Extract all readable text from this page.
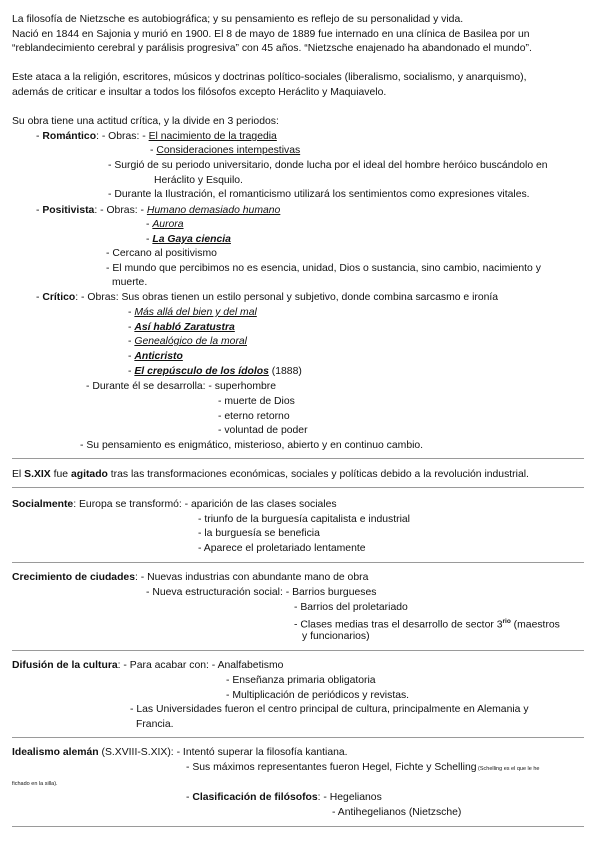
La filosofía de Nietzsche es autobiográfica; y su pensamiento es reflejo de su personalidad y vida.
Nació en 1844 en Sajonia y murió en 1900. El 8 de mayo de 1889 fue internado en una clínica de Basilea por un
“reblandecimiento cerebral y parálisis progresiva” con 45 años. “Nietzsche enajenado ha abandonado el mundo”.
Este ataca a la religión, escritores, músicos y doctrinas político-sociales (liberalismo, socialismo, y anarquismo),
además de criticar e insultar a todos los filósofos excepto Heráclito y Maquiavelo.
Su obra tiene una actitud crítica, y la divide en 3 periodos:
- Romántico: - Obras: - El nacimiento de la tragedia
- Consideraciones intempestivas
- Surgió de su periodo universitario, donde lucha por el ideal del hombre heróico buscándolo en
Heráclito y Esquilo.
- Durante la Ilustración, el romanticismo utilizará los sentimientos como expresiones vitales.
- Positivista: - Obras: - Humano demasiado humano
- Aurora
- La Gaya ciencia
- Cercano al positivismo
- El mundo que percibimos no es esencia, unidad, Dios o sustancia, sino cambio, nacimiento y
muerte.
- Crítico: - Obras: Sus obras tienen un estilo personal y subjetivo, donde combina sarcasmo e ironía
- Más allá del bien y del mal
- Así habló Zaratustra
- Genealógico de la moral
- Anticristo
- El crepúsculo de los ídolos (1888)
- Durante él se desarrolla: - superhombre
- muerte de Dios
- eterno retorno
- voluntad de poder
- Su pensamiento es enigmático, misterioso, abierto y en continuo cambio.
El S.XIX fue agitado tras las transformaciones económicas, sociales y políticas debido a la revolución industrial.
Socialmente: Europa se transformó: - aparición de las clases sociales
- triunfo de la burguesía capitalista e industrial
- la burguesía se beneficia
- Aparece el proletariado lentamente
Crecimiento de ciudades: - Nuevas industrias con abundante mano de obra
- Nueva estructuración social: - Barrios burgueses
- Barrios del proletariado
- Clases medias tras el desarrollo de sector $3^{rio}$ (maestros
y funcionarios)
Difusión de la cultura: - Para acabar con: - Analfabetismo
- Enseñanza primaria obligatoria
- Multiplicación de periódicos y revistas.
- Las Universidades fueron el centro principal de cultura, principalmente en Alemania y
Francia.
Idealismo alemán (S.XVIII-S.XIX): - Intentó superar la filosofía kantiana.
- Sus máximos representantes fueron Hegel, Fichte y Schelling (Schelling es el que le he
fichado en la silla).
- Clasificación de filósofos: - Hegelianos
- Antihegelianos (Nietzsche)
